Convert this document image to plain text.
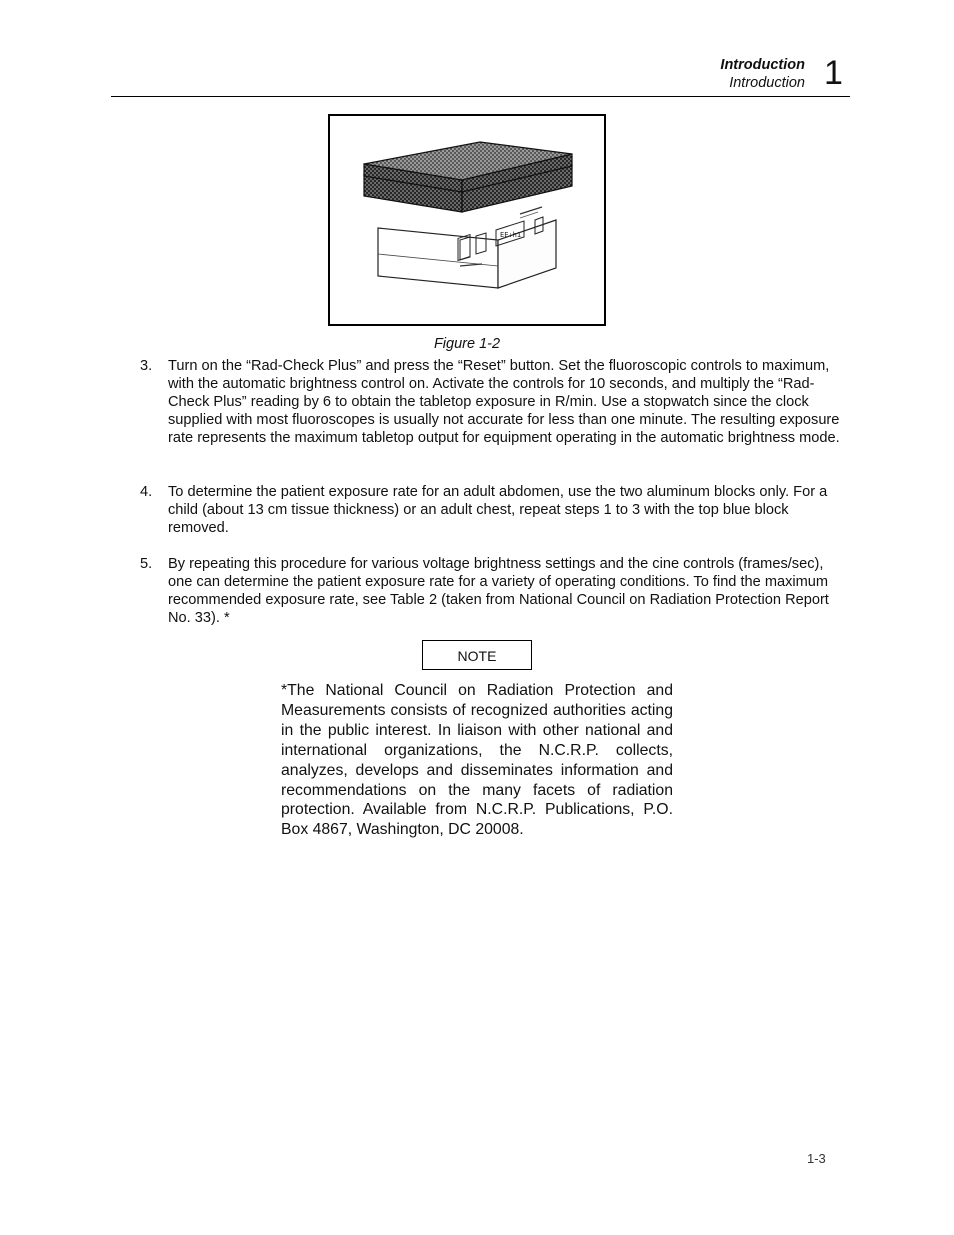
Introduction
Introduction 1
EE:h1
Figure 1-2
3. Turn on the “Rad-Check Plus” and press the “Reset” button. Set the fluoroscopic controls to maximum, with the automatic brightness control on. Activate the controls for 10 seconds, and multiply the “Rad-Check Plus” reading by 6 to obtain the tabletop exposure in R/min. Use a stopwatch since the clock supplied with most fluoroscopes is usually not accurate for less than one minute. The resulting exposure rate represents the maximum tabletop output for equipment operating in the automatic brightness mode.
4. To determine the patient exposure rate for an adult abdomen, use the two aluminum blocks only. For a child (about 13 cm tissue thickness) or an adult chest, repeat steps 1 to 3 with the top blue block removed.
5. By repeating this procedure for various voltage brightness settings and the cine controls (frames/sec), one can determine the patient exposure rate for a variety of operating conditions. To find the maximum recommended exposure rate, see Table 2 (taken from National Council on Radiation Protection Report No. 33). *
NOTE
*The National Council on Radiation Protection and Measurements consists of recognized authorities acting in the public interest. In liaison with other national and international organizations, the N.C.R.P. collects, analyzes, develops and disseminates information and recommendations on the many facets of radiation protection. Available from N.C.R.P. Publications, P.O. Box 4867, Washington, DC 20008.
1-3
